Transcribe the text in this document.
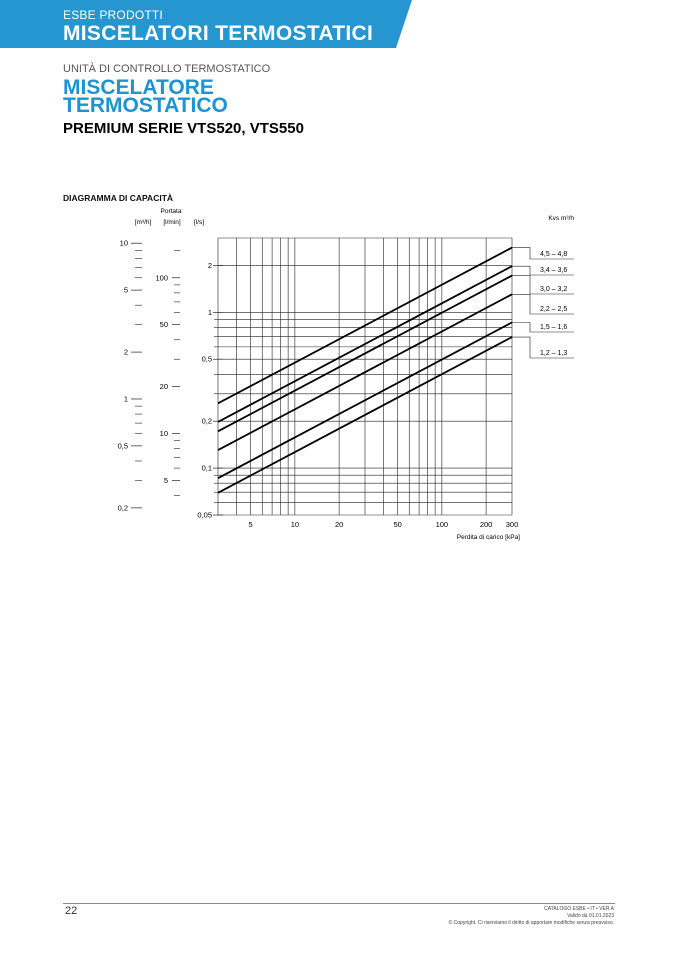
ESBE PRODOTTI
MISCELATORI TERMOSTATICI
UNITÀ DI CONTROLLO TERMOSTATICO
MISCELATORE
TERMOSTATICO
PREMIUM SERIE VTS520, VTS550
DIAGRAMMA DI CAPACITÀ
5	10	20	50	100	200 300
Perdita di carico [kPa]
Portata
[m³/h] [l/min] [l/s]
Kvs m³/h
0,05
0,1
0,2
0,5
1
2
5
10
20
50
100
0,2
0,5
1
2
5
10
4,5 – 4,8
3,4 – 3,6
3,0 – 3,2
2,2 – 2,5
1,5 – 1,6
1,2 – 1,3
22	CATALOGO ESBE • IT • VER A
Valido da 01.01.2023
© Copyright. Ci riserviamo il diritto di apportare modifiche senza preavviso.
